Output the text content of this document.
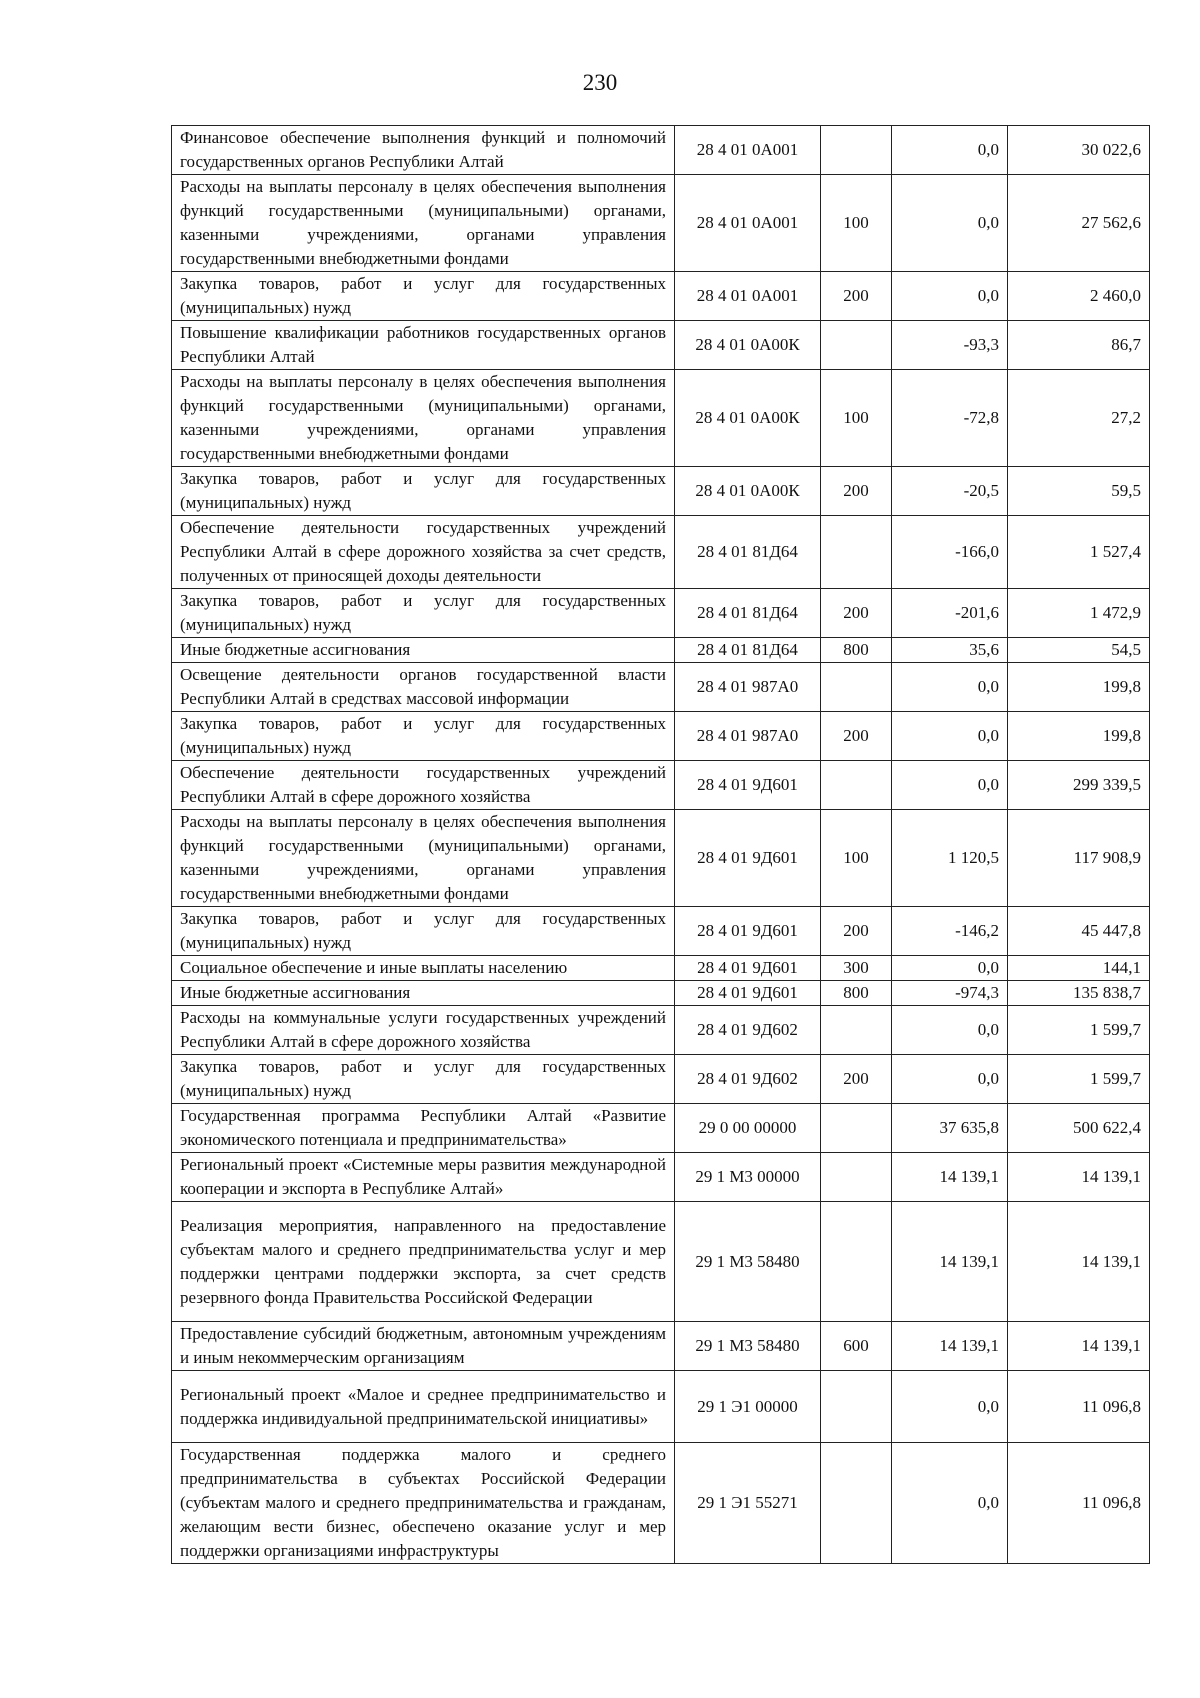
230
Финансовое обеспечение выполнения функций и полномочий государственных органов Республики Алтай	28 4 01 0А001		0,0	30 022,6
Расходы на выплаты персоналу в целях обеспечения выполнения функций государственными (муниципальными) органами, казенными учреждениями, органами управления государственными внебюджетными фондами	28 4 01 0А001	100	0,0	27 562,6
Закупка товаров, работ и услуг для государственных (муниципальных) нужд	28 4 01 0А001	200	0,0	2 460,0
Повышение квалификации работников государственных органов Республики Алтай	28 4 01 0А00К		-93,3	86,7
Расходы на выплаты персоналу в целях обеспечения выполнения функций государственными (муниципальными) органами, казенными учреждениями, органами управления государственными внебюджетными фондами	28 4 01 0А00К	100	-72,8	27,2
Закупка товаров, работ и услуг для государственных (муниципальных) нужд	28 4 01 0А00К	200	-20,5	59,5
Обеспечение деятельности государственных учреждений Республики Алтай в сфере дорожного хозяйства за счет средств, полученных от приносящей доходы деятельности	28 4 01 81Д64		-166,0	1 527,4
Закупка товаров, работ и услуг для государственных (муниципальных) нужд	28 4 01 81Д64	200	-201,6	1 472,9
Иные бюджетные ассигнования	28 4 01 81Д64	800	35,6	54,5
Освещение деятельности органов государственной власти Республики Алтай в средствах массовой информации	28 4 01 987А0		0,0	199,8
Закупка товаров, работ и услуг для государственных (муниципальных) нужд	28 4 01 987А0	200	0,0	199,8
Обеспечение деятельности государственных учреждений Республики Алтай в сфере дорожного хозяйства	28 4 01 9Д601		0,0	299 339,5
Расходы на выплаты персоналу в целях обеспечения выполнения функций государственными (муниципальными) органами, казенными учреждениями, органами управления государственными внебюджетными фондами	28 4 01 9Д601	100	1 120,5	117 908,9
Закупка товаров, работ и услуг для государственных (муниципальных) нужд	28 4 01 9Д601	200	-146,2	45 447,8
Социальное обеспечение и иные выплаты населению	28 4 01 9Д601	300	0,0	144,1
Иные бюджетные ассигнования	28 4 01 9Д601	800	-974,3	135 838,7
Расходы на коммунальные услуги государственных учреждений Республики Алтай в сфере дорожного хозяйства	28 4 01 9Д602		0,0	1 599,7
Закупка товаров, работ и услуг для государственных (муниципальных) нужд	28 4 01 9Д602	200	0,0	1 599,7
Государственная программа Республики Алтай «Развитие экономического потенциала и предпринимательства»	29 0 00 00000		37 635,8	500 622,4
Региональный проект «Системные меры развития международной кооперации и экспорта в Республике Алтай»	29 1 M3 00000		14 139,1	14 139,1
Реализация мероприятия, направленного на предоставление субъектам малого и среднего предпринимательства услуг и мер поддержки центрами поддержки экспорта, за счет средств резервного фонда Правительства Российской Федерации	29 1 M3 58480		14 139,1	14 139,1
Предоставление субсидий бюджетным, автономным учреждениям и иным некоммерческим организациям	29 1 M3 58480	600	14 139,1	14 139,1
Региональный проект «Малое и среднее предпринимательство и поддержка индивидуальной предпринимательской инициативы»	29 1 Э1 00000		0,0	11 096,8
Государственная поддержка малого и среднего предпринимательства в субъектах Российской Федерации (субъектам малого и среднего предпринимательства и гражданам, желающим вести бизнес, обеспечено оказание услуг и мер поддержки организациями инфраструктуры	29 1 Э1 55271		0,0	11 096,8
